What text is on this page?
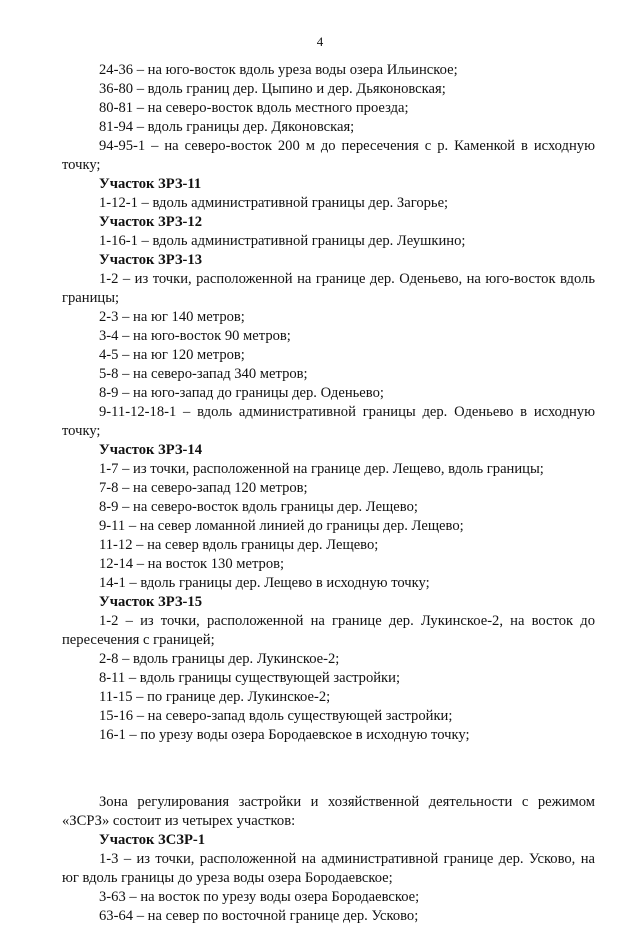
4

24-36 – на юго-восток вдоль уреза воды озера Ильинское;

36-80 – вдоль границ дер. Цыпино и дер. Дьяконовская;

80-81 – на северо-восток вдоль местного проезда;

81-94 – вдоль границы дер. Дяконовская;

94-95-1 – на северо-восток 200 м до пересечения с р. Каменкой в исходную точку;

Участок ЗРЗ-11

1-12-1 – вдоль административной границы дер. Загорье;

Участок ЗРЗ-12

1-16-1 – вдоль административной границы дер. Леушкино;

Участок ЗРЗ-13

1-2 – из точки, расположенной на границе дер. Оденьево, на юго-восток вдоль границы;

2-3 – на юг 140 метров;

3-4 – на юго-восток 90 метров;

4-5 – на юг 120 метров;

5-8 – на северо-запад 340 метров;

8-9 – на юго-запад до границы дер. Оденьево;

9-11-12-18-1 – вдоль административной границы дер. Оденьево в исходную точку;

Участок ЗРЗ-14

1-7 – из точки, расположенной на границе дер. Лещево, вдоль границы;

7-8 – на северо-запад 120 метров;

8-9 – на северо-восток вдоль границы дер. Лещево;

9-11 – на север ломанной линией до границы дер. Лещево;

11-12 – на север вдоль границы дер. Лещево;

12-14 – на восток 130 метров;

14-1 – вдоль границы дер. Лещево в исходную точку;

Участок ЗРЗ-15

1-2 – из точки, расположенной на границе дер. Лукинское-2, на восток до пересечения с границей;

2-8 – вдоль границы дер. Лукинское-2;

8-11 – вдоль границы существующей застройки;

11-15 – по границе дер. Лукинское-2;

15-16 – на северо-запад вдоль существующей застройки;

16-1 – по урезу воды озера Бородаевское в исходную точку;

Зона регулирования застройки и хозяйственной деятельности с режимом «ЗСРЗ» состоит из четырех участков:

Участок ЗСЗР-1

1-3 – из точки, расположенной на административной границе дер. Усково, на юг вдоль границы до уреза воды озера Бородаевское;

3-63 – на восток по урезу воды озера Бородаевское;

63-64 – на север по восточной границе дер. Усково;
